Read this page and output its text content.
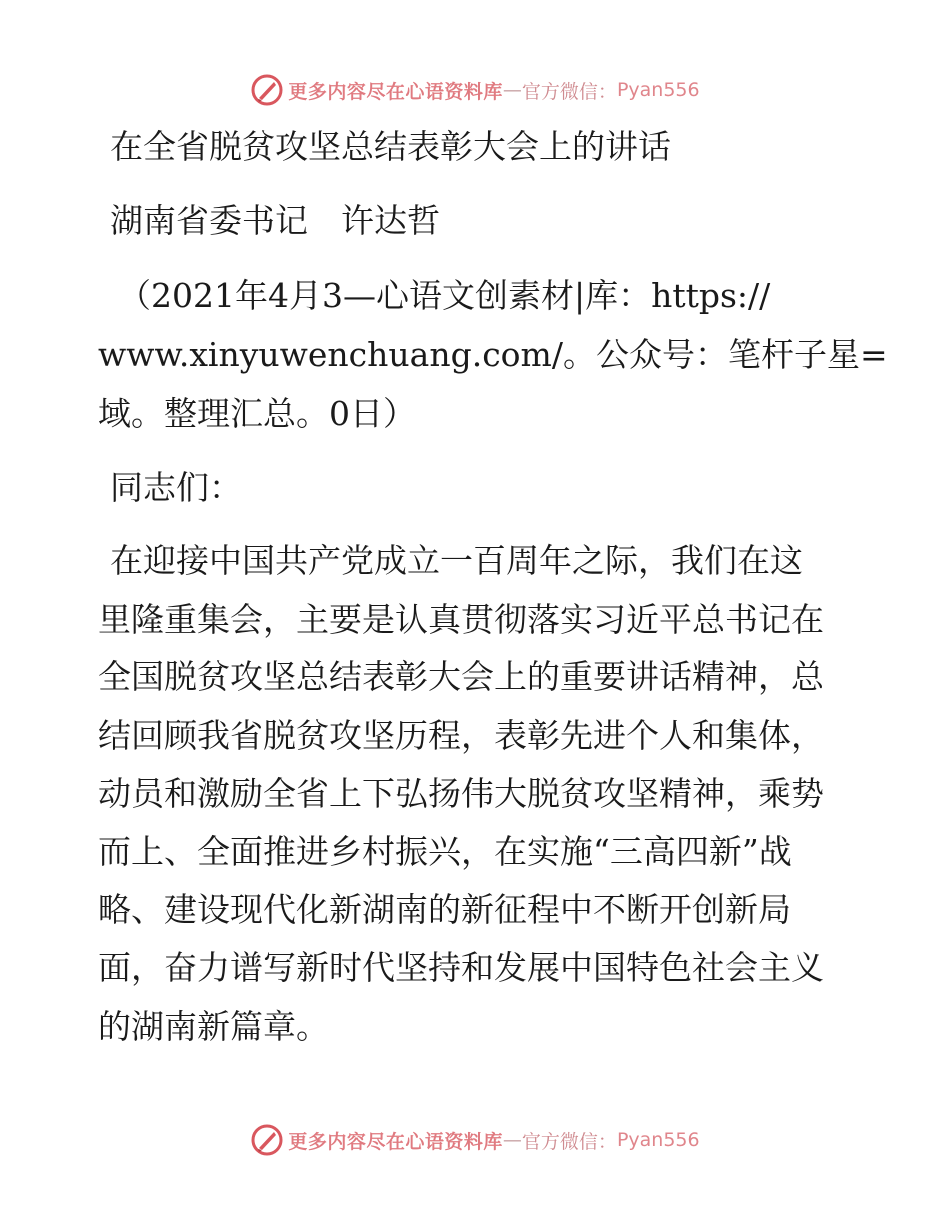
更多内容尽在心语资料库 — 官方微信： Pyan556
在全省脱贫攻坚总结表彰大会上的讲话
湖南省委书记　许达哲
（2021年4月3—心语文创素材|库：https://
www.xinyuwenchuang.com/。公众号：笔杆子星=
域。整理汇总。0日）
同志们：
在迎接中国共产党成立一百周年之际，我们在这
里隆重集会，主要是认真贯彻落实习近平总书记在
全国脱贫攻坚总结表彰大会上的重要讲话精神，总
结回顾我省脱贫攻坚历程，表彰先进个人和集体，
动员和激励全省上下弘扬伟大脱贫攻坚精神，乘势
而上、全面推进乡村振兴，在实施“三高四新”战
略、建设现代化新湖南的新征程中不断开创新局
面，奋力谱写新时代坚持和发展中国特色社会主义
的湖南新篇章。
更多内容尽在心语资料库 — 官方微信： Pyan556
